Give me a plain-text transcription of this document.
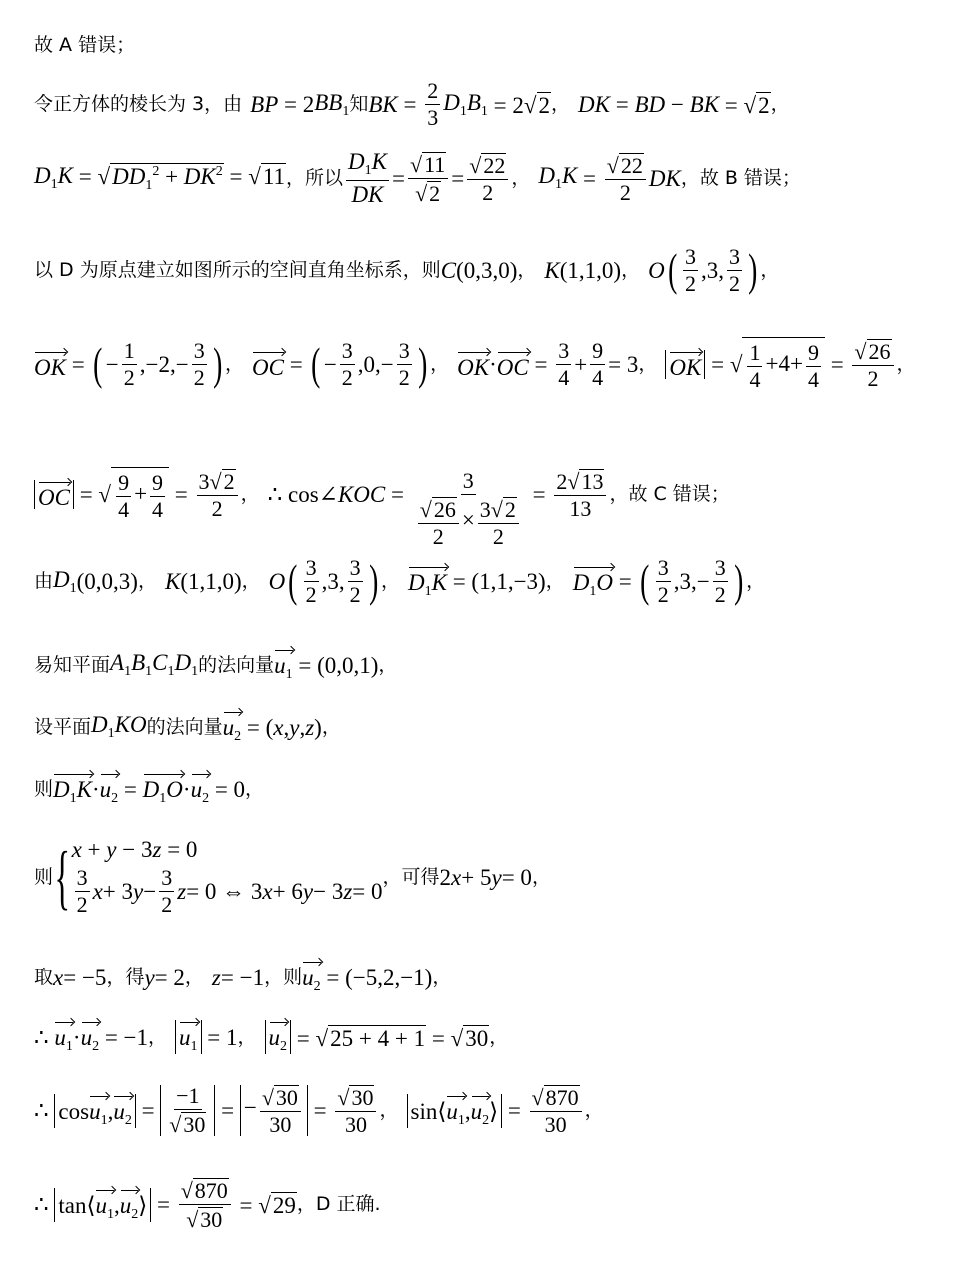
故 A 错误；
令正方体的棱长为 3，由 BP = 2 $BB_1$ 知 BK = $\frac{2}{3} D_1B_1 = 2√2$ ， DK = BD − BK = √2 ，
$D_1K = √DD_1^2 + DK^2 = √11$ ，所以 $\frac{D_1K}{DK} = \frac{√11}{√2} = \frac{√22}{2}$ ， $D_1K = \frac{√22}{2}$ DK ，故 B 错误；
以 D 为原点建立如图所示的空间直角坐标系，则 C (0,3,0) ， K (1,1,0) ， O ( $\frac{3}{2} ,3$, $\frac{3}{2}$ ) ，
OK = ( − $\frac{1}{2} ,-2,- \frac{3}{2}$ ) ， OC = ( − $\frac{3}{2} ,0,- \frac{3}{2}$ ) ， OK · OC = $\frac{3}{4} + \frac{9}{4} = 3$ ， OK = √ $\frac{1}{4} +4+ \frac{9}{4} = \frac{√26}{2}$ ，
OC = √ $\frac{9}{4} + \frac{9}{4} = \frac{3√2}{2}$ ， ∴ cos∠ KOC = $\frac{3}{\frac{√26}{2} \times \frac{3√2}{2}} = \frac{2√13}{13}$ ，故 C 错误；
由 $D_1$ (0,0,3) ， K (1,1,0) ， O ( $\frac{3}{2} ,3$, $\frac{3}{2}$ ) ， $D_1K = (1,1,-3)$ ， $D_1O$ = ( $\frac{3}{2} ,3,- \frac{3}{2}$ ) ，
易知平面 $A_1B_1C_1D_1$ 的法向量 $u_1 = (0,0,1)$ ，
设平面 $D_1KO$ 的法向量 $u_2$ = ( x , y , z ) ，
则 $D_1K \cdot u_2 = D_1O \cdot u_2 = 0$ ，
则 { x + y − 3z = 0
$\frac{3}{2}$ x + 3 $y - \frac{3}{2}$ z = 0 ⇔ 3 x + 6 y − 3 z = 0
，可得 2 x + 5 y = 0 ，
取 x = −5 ，得 y = 2 ， z = −1 ，则 $u_2 = (-5,2,-1)$ ，
∴ $u_1 \cdot u_2 = -1$ ， $u_1 = 1$ ， $u_2 = √25 + 4 + 1 = √30$ ，
∴ $\cos u_1,u_2 = \frac{-1}{√30}$ = − $\frac{√30}{30} = \frac{√30}{30}$ ， $\sin⟨u_1,u_2⟩ = \frac{√870}{30}$ ，
∴ $\tan⟨u_1,u_2⟩ = \frac{√870}{√30} = √29$ ，D 正确.
